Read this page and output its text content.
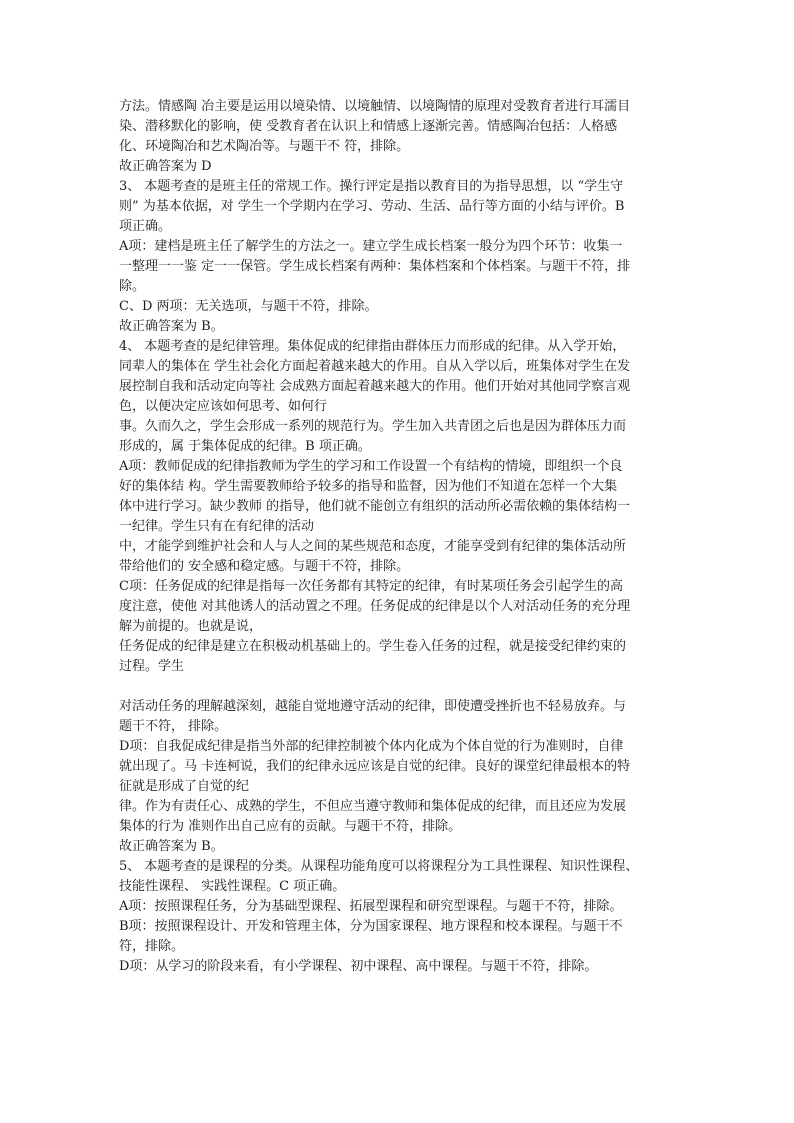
方法。情感陶 冶主要是运用以境染情、以境触情、以境陶情的原理对受教育者进行耳濡目

染、潜移默化的影响，使 受教育者在认识上和情感上逐渐完善。情感陶冶包括：人格感

化、环境陶冶和艺术陶冶等。与题干不 符，排除。

故正确答案为 D

3、 本题考查的是班主任的常规工作。操行评定是指以教育目的为指导思想，以 “学生守

则” 为基本依据，对 学生一个学期内在学习、劳动、生活、品行等方面的小结与评价。B

项正确。

A项：建档是班主任了解学生的方法之一。建立学生成长档案一般分为四个环节：收集一

一整理一一鉴 定一一保管。学生成长档案有两种：集体档案和个体档案。与题干不符，排

除。

C、D 两项：无关选项，与题干不符，排除。

故正确答案为 B。

4、 本题考查的是纪律管理。集体促成的纪律指由群体压力而形成的纪律。从入学开始，

同辈人的集体在 学生社会化方面起着越来越大的作用。自从入学以后，班集体对学生在发

展控制自我和活动定向等社 会成熟方面起着越来越大的作用。他们开始对其他同学察言观

色，以便决定应该如何思考、如何行

事。久而久之，学生会形成一系列的规范行为。学生加入共青团之后也是因为群体压力而

形成的，属 于集体促成的纪律。B 项正确。

A项：教师促成的纪律指教师为学生的学习和工作设置一个有结构的情境，即组织一个良

好的集体结 构。学生需要教师给予较多的指导和监督，因为他们不知道在怎样一个大集

体中进行学习。缺少教师 的指导，他们就不能创立有组织的活动所必需依赖的集体结构一

一纪律。学生只有在有纪律的活动

中，才能学到维护社会和人与人之间的某些规范和态度，才能享受到有纪律的集体活动所

带给他们的 安全感和稳定感。与题干不符，排除。

C项：任务促成的纪律是指每一次任务都有其特定的纪律，有时某项任务会引起学生的高

度注意，使他 对其他诱人的活动置之不理。任务促成的纪律是以个人对活动任务的充分理

解为前提的。也就是说，

任务促成的纪律是建立在积极动机基础上的。学生卷入任务的过程，就是接受纪律约束的

过程。学生

对活动任务的理解越深刻，越能自觉地遵守活动的纪律，即使遭受挫折也不轻易放弃。与

题干不符， 排除。

D项：自我促成纪律是指当外部的纪律控制被个体内化成为个体自觉的行为准则时，自律

就出现了。马 卡连柯说，我们的纪律永远应该是自觉的纪律。良好的课堂纪律最根本的特

征就是形成了自觉的纪

律。作为有责任心、成熟的学生，不但应当遵守教师和集体促成的纪律，而且还应为发展

集体的行为 准则作出自己应有的贡献。与题干不符，排除。

故正确答案为 B。

5、 本题考查的是课程的分类。从课程功能角度可以将课程分为工具性课程、知识性课程、

技能性课程、 实践性课程。C 项正确。

A项：按照课程任务，分为基础型课程、拓展型课程和研究型课程。与题干不符，排除。

B项：按照课程设计、开发和管理主体，分为国家课程、地方课程和校本课程。与题干不

符，排除。

D项：从学习的阶段来看，有小学课程、初中课程、高中课程。与题干不符，排除。
